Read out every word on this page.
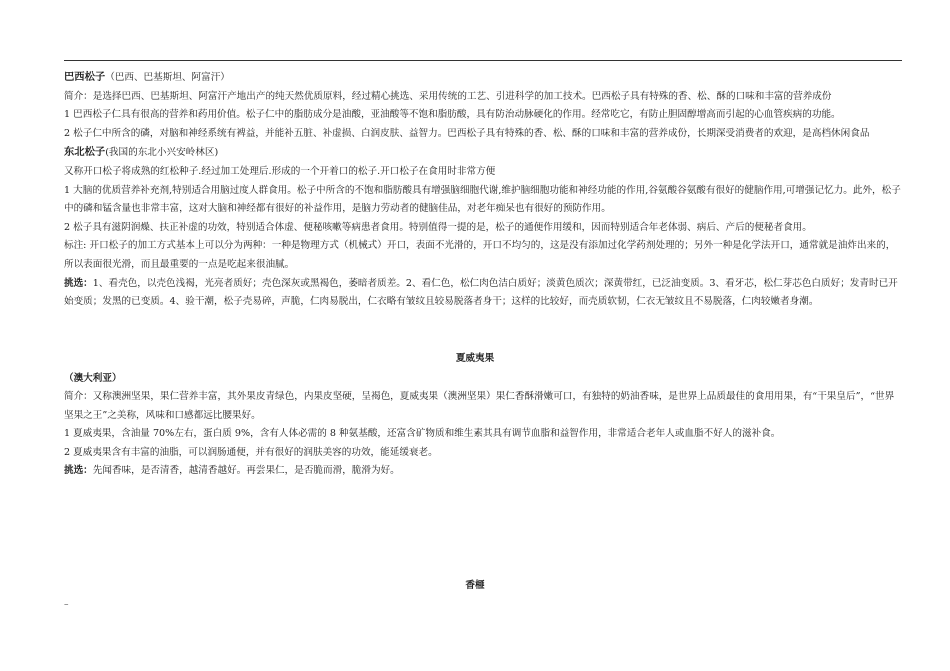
巴西松子（巴西、巴基斯坦、阿富汗）

简介：是选择巴西、巴基斯坦、阿富汗产地出产的纯天然优质原料，经过精心挑选、采用传统的工艺、引进科学的加工技术。巴西松子具有特殊的香、松、酥的口味和丰富的营养成份

1 巴西松子仁具有很高的营养和药用价值。松子仁中的脂肪成分是油酸，亚油酸等不饱和脂肪酸，具有防治动脉硬化的作用。经常吃它，有防止胆固醇增高而引起的心血管疾病的功能。

2 松子仁中所含的磷，对脑和神经系统有裨益，并能补五脏、补虚损、白润皮肤、益智力。巴西松子具有特殊的香、松、酥的口味和丰富的营养成份，长期深受消费者的欢迎，是高档休闲食品

东北松子(我国的东北小兴安岭林区)

又称开口松子将成熟的红松种子.经过加工处理后.形成的一个开着口的松子.开口松子在食用时非常方便

1 大脑的优质营养补充剂,特别适合用脑过度人群食用。松子中所含的不饱和脂肪酸具有增强脑细胞代谢,维护脑细胞功能和神经功能的作用,谷氨酸谷氨酸有很好的健脑作用,可增强记忆力。此外，松子中的磷和锰含量也非常丰富，这对大脑和神经都有很好的补益作用，是脑力劳动者的健脑佳品，对老年痴呆也有很好的预防作用。

2 松子具有滋阴润燥、扶正补虚的功效，特别适合体虚、便秘咳嗽等病患者食用。特别值得一提的是，松子的通便作用缓和，因而特别适合年老体弱、病后、产后的便秘者食用。

标注: 开口松子的加工方式基本上可以分为两种：一种是物理方式（机械式）开口，表面不光滑的，开口不均匀的，这是没有添加过化学药剂处理的；另外一种是化学法开口，通常就是油炸出来的，所以表面很光滑，而且最重要的一点是吃起来很油腻。

挑选：1、看壳色，以壳色浅褐，光亮者质好；壳色深灰或黑褐色，萎暗者质差。2、看仁色，松仁肉色洁白质好；淡黄色质次；深黄带红，已泛油变质。3、看牙芯，松仁芽芯色白质好；发青时已开始变质；发黑的已变质。4、验干潮，松子壳易碎，声脆，仁肉易脱出，仁衣略有皱纹且较易脱落者身干；这样的比较好，而壳质软韧，仁衣无皱纹且不易脱落，仁肉较嫩者身潮。

夏威夷果

（澳大利亚）

简介：又称澳洲坚果，果仁营养丰富，其外果皮青绿色，内果皮坚硬，呈褐色，夏威夷果（澳洲坚果）果仁香酥滑嫩可口，有独特的奶油香味，是世界上品质最佳的食用用果，有“干果皇后”，“世界坚果之王”之美称，风味和口感都远比腰果好。

1 夏威夷果，含油量 70%左右，蛋白质 9%，含有人体必需的 8 种氨基酸，还富含矿物质和维生素其具有调节血脂和益智作用，非常适合老年人或血脂不好人的滋补食。

2 夏威夷果含有丰富的油脂，可以润肠通便，并有很好的润肤美容的功效，能延缓衰老。

挑选：先闻香味，是否清香，越清香越好。再尝果仁，是否脆而滑，脆滑为好。

香榧
–
